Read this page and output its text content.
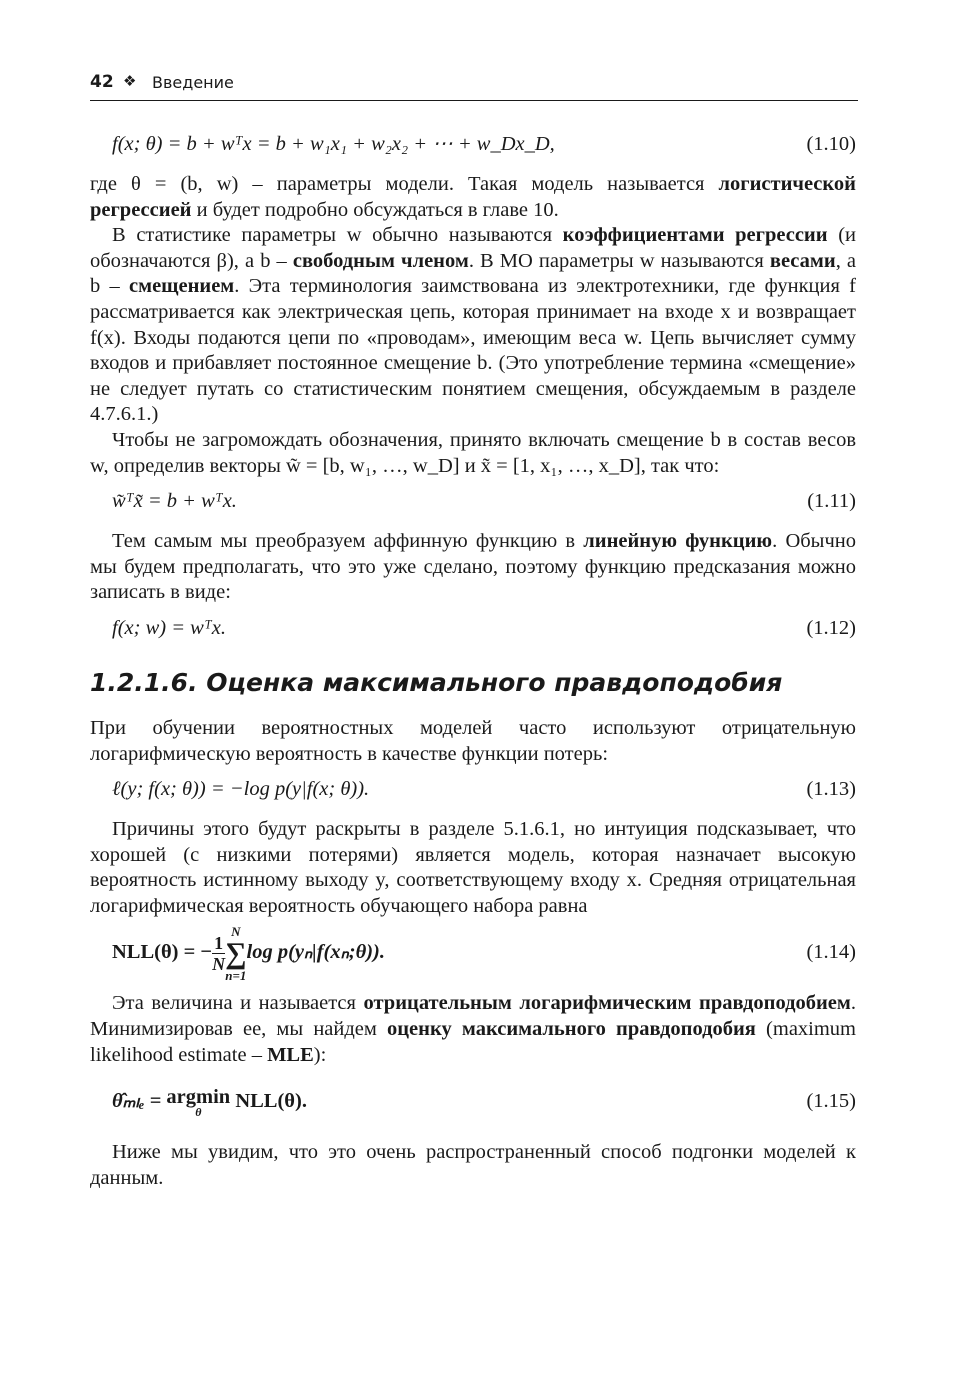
42 ❖ Введение
f(x; θ) = b + wᵀx = b + w₁x₁ + w₂x₂ + ⋯ + w_Dx_D,	(1.10)

где θ = (b, w) – параметры модели. Такая модель называется логистической регрессией и будет подробно обсуждаться в главе 10.

В статистике параметры w обычно называются коэффициентами регрессии (и обозначаются β), а b – свободным членом. В МО параметры w называются весами, а b – смещением. Эта терминология заимствована из электротехники, где функция f рассматривается как электрическая цепь, которая принимает на входе x и возвращает f(x). Входы подаются цепи по «проводам», имеющим веса w. Цепь вычисляет сумму входов и прибавляет постоянное смещение b. (Это употребление термина «смещение» не следует путать со статистическим понятием смещения, обсуждаемым в разделе 4.7.6.1.)

Чтобы не загромождать обозначения, принято включать смещение b в состав весов w, определив векторы w̃ = [b, w₁, …, w_D] и x̃ = [1, x₁, …, x_D], так что:

w̃ᵀx̃ = b + wᵀx.	(1.11)

Тем самым мы преобразуем аффинную функцию в линейную функцию. Обычно мы будем предполагать, что это уже сделано, поэтому функцию предсказания можно записать в виде:

f(x; w) = wᵀx.	(1.12)
1.2.1.6. Оценка максимального правдоподобия

При обучении вероятностных моделей часто используют отрицательную логарифмическую вероятность в качестве функции потерь:

ℓ(y; f(x; θ)) = −log p(y|f(x; θ)).	(1.13)

Причины этого будут раскрыты в разделе 5.1.6.1, но интуиция подсказывает, что хорошей (с низкими потерями) является модель, которая назначает высокую вероятность истинному выходу y, соответствующему входу x. Средняя отрицательная логарифмическая вероятность обучающего набора равна

NLL(θ) = − $\frac{1}{N}$
N
∑
n=1
log p(yₙ|f(xₙ;θ)).	(1.14)

Эта величина и называется отрицательным логарифмическим правдоподобием. Минимизировав ее, мы найдем оценку максимального правдоподобия (maximum likelihood estimate – MLE):

θ̂ₘₗₑ = argmin
θ NLL(θ).	(1.15)

Ниже мы увидим, что это очень распространенный способ подгонки моделей к данным.
